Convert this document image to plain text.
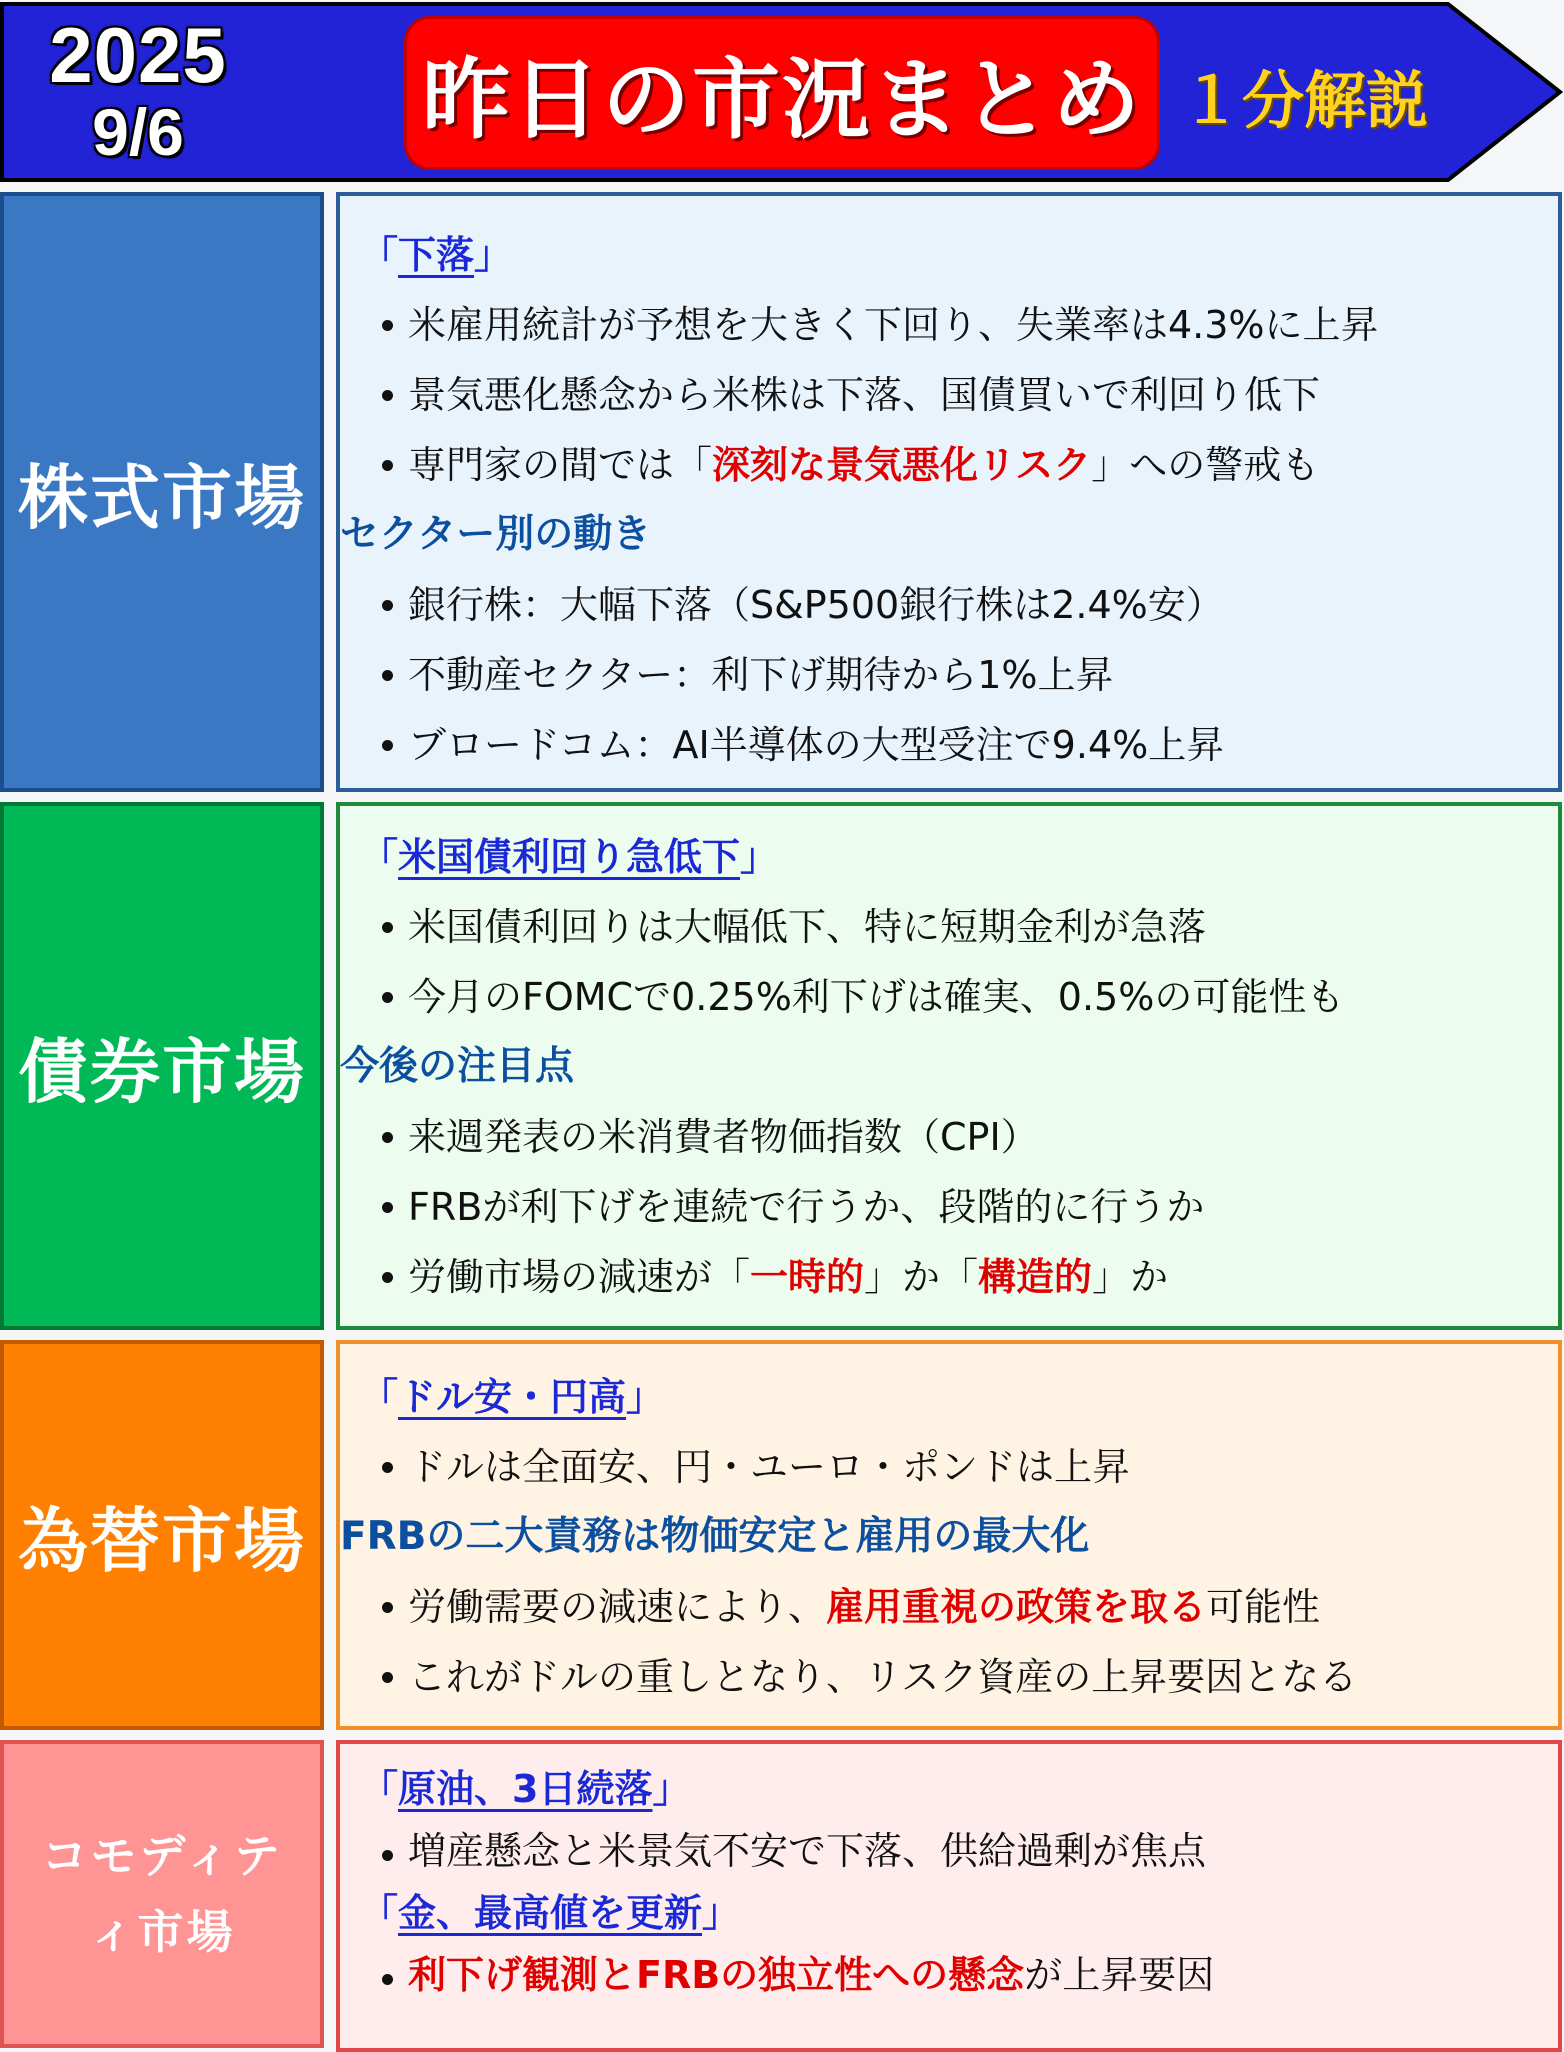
2025
9/6	昨日の市況まとめ １分解説
株式市場
「下落」
米雇用統計が予想を大きく下回り、失業率は4.3%に上昇
景気悪化懸念から米株は下落、国債買いで利回り低下
専門家の間では「深刻な景気悪化リスク」への警戒も
セクター別の動き
銀行株：大幅下落（S&P500銀行株は2.4%安）
不動産セクター：利下げ期待から1%上昇
ブロードコム：AI半導体の大型受注で9.4%上昇
債券市場
「米国債利回り急低下」
米国債利回りは大幅低下、特に短期金利が急落
今月のFOMCで0.25%利下げは確実、0.5%の可能性も
今後の注目点
来週発表の米消費者物価指数（CPI）
FRBが利下げを連続で行うか、段階的に行うか
労働市場の減速が「一時的」か「構造的」か
為替市場
「ドル安・円高」
ドルは全面安、円・ユーロ・ポンドは上昇
FRBの二大責務は物価安定と雇用の最大化
労働需要の減速により、雇用重視の政策を取る可能性
これがドルの重しとなり、リスク資産の上昇要因となる
コモディテ
ィ市場
「原油、3日続落」
増産懸念と米景気不安で下落、供給過剰が焦点
「金、最高値を更新」
利下げ観測とFRBの独立性への懸念が上昇要因
